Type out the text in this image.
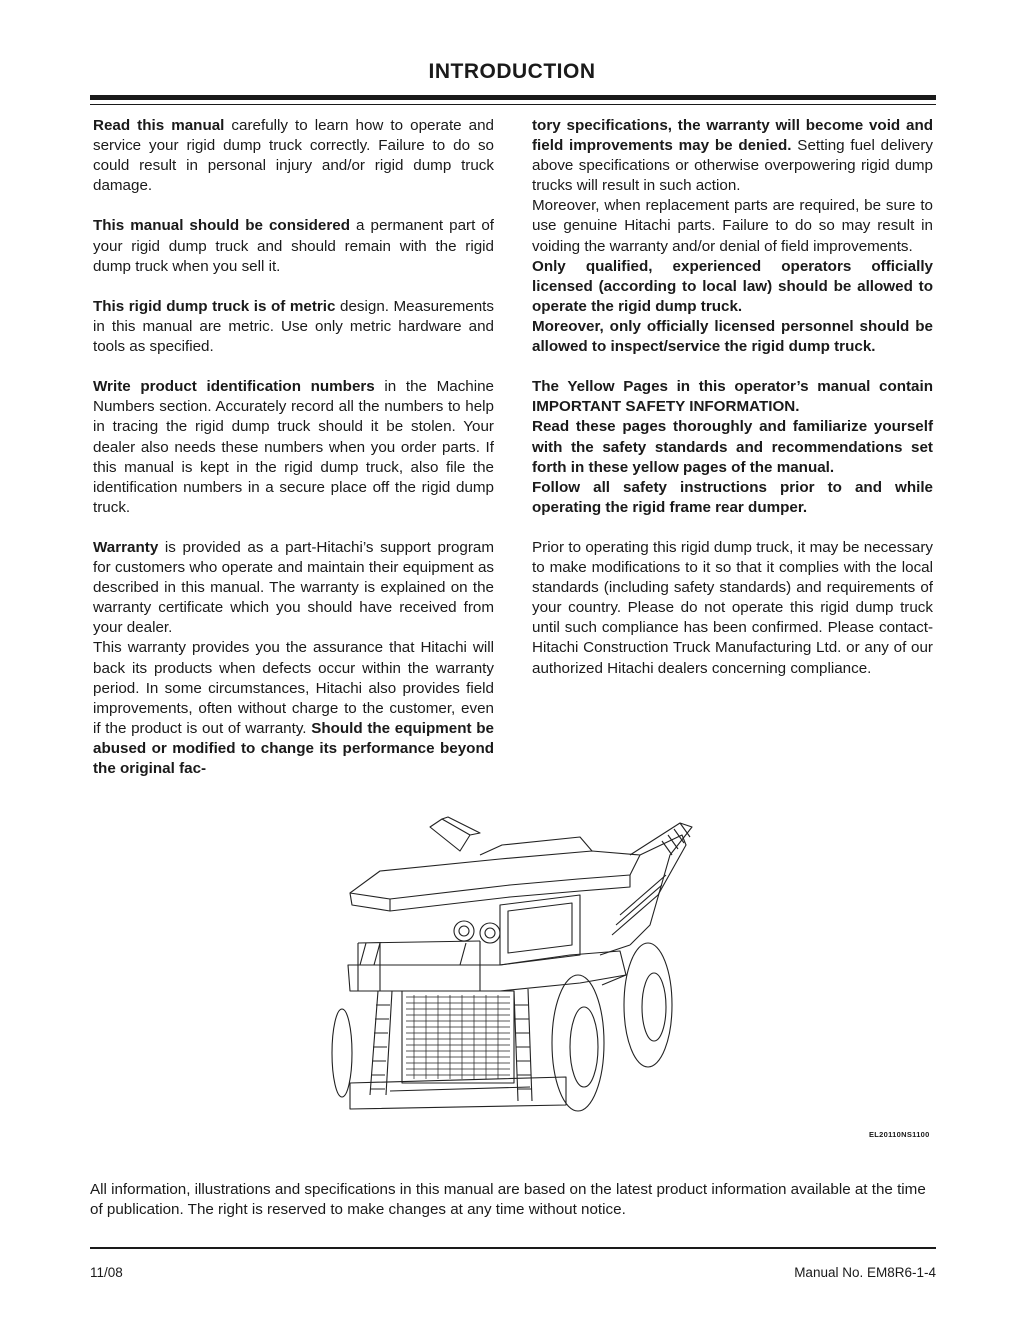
INTRODUCTION

Read this manual carefully to learn how to operate and service your rigid dump truck correctly. Failure to do so could result in personal injury and/or rigid dump truck damage.

This manual should be considered a permanent part of your rigid dump truck and should remain with the rigid dump truck when you sell it.

This rigid dump truck is of metric design. Measurements in this manual are metric. Use only metric hardware and tools as specified.

Write product identification numbers in the Machine Numbers section. Accurately record all the numbers to help in tracing the rigid dump truck should it be stolen. Your dealer also needs these numbers when you order parts. If this manual is kept in the rigid dump truck, also file the identification numbers in a secure place off the rigid dump truck.

Warranty is provided as a part-Hitachi’s support program for customers who operate and maintain their equipment as described in this manual. The warranty is explained on the warranty certificate which you should have received from your dealer.

This warranty provides you the assurance that Hitachi will back its products when defects occur within the warranty period. In some circumstances, Hitachi also provides field improvements, often without charge to the customer, even if the product is out of warranty. Should the equipment be abused or modified to change its performance beyond the original fac-

tory specifications, the warranty will become void and field improvements may be denied. Setting fuel delivery above specifications or otherwise overpowering rigid dump trucks will result in such action.

Moreover, when replacement parts are required, be sure to use genuine Hitachi parts. Failure to do so may result in voiding the warranty and/or denial of field improvements.

Only qualified, experienced operators officially licensed (according to local law) should be allowed to operate the rigid dump truck.

Moreover, only officially licensed personnel should be allowed to inspect/service the rigid dump truck.

The Yellow Pages in this operator’s manual contain IMPORTANT SAFETY INFORMATION.

Read these pages thoroughly and familiarize yourself with the safety standards and recommendations set forth in these yellow pages of the manual.

Follow all safety instructions prior to and while operating the rigid frame rear dumper.

Prior to operating this rigid dump truck, it may be necessary to make modifications to it so that it complies with the local standards (including safety standards) and requirements of your country. Please do not operate this rigid dump truck until such compliance has been confirmed. Please contact-Hitachi Construction Truck Manufacturing Ltd. or any of our authorized Hitachi dealers concerning compliance.

EL20110NS1100

All information, illustrations and specifications in this manual are based on the latest product information available at the time of publication. The right is reserved to make changes at any time without notice.

11/08	Manual No. EM8R6-1-4
